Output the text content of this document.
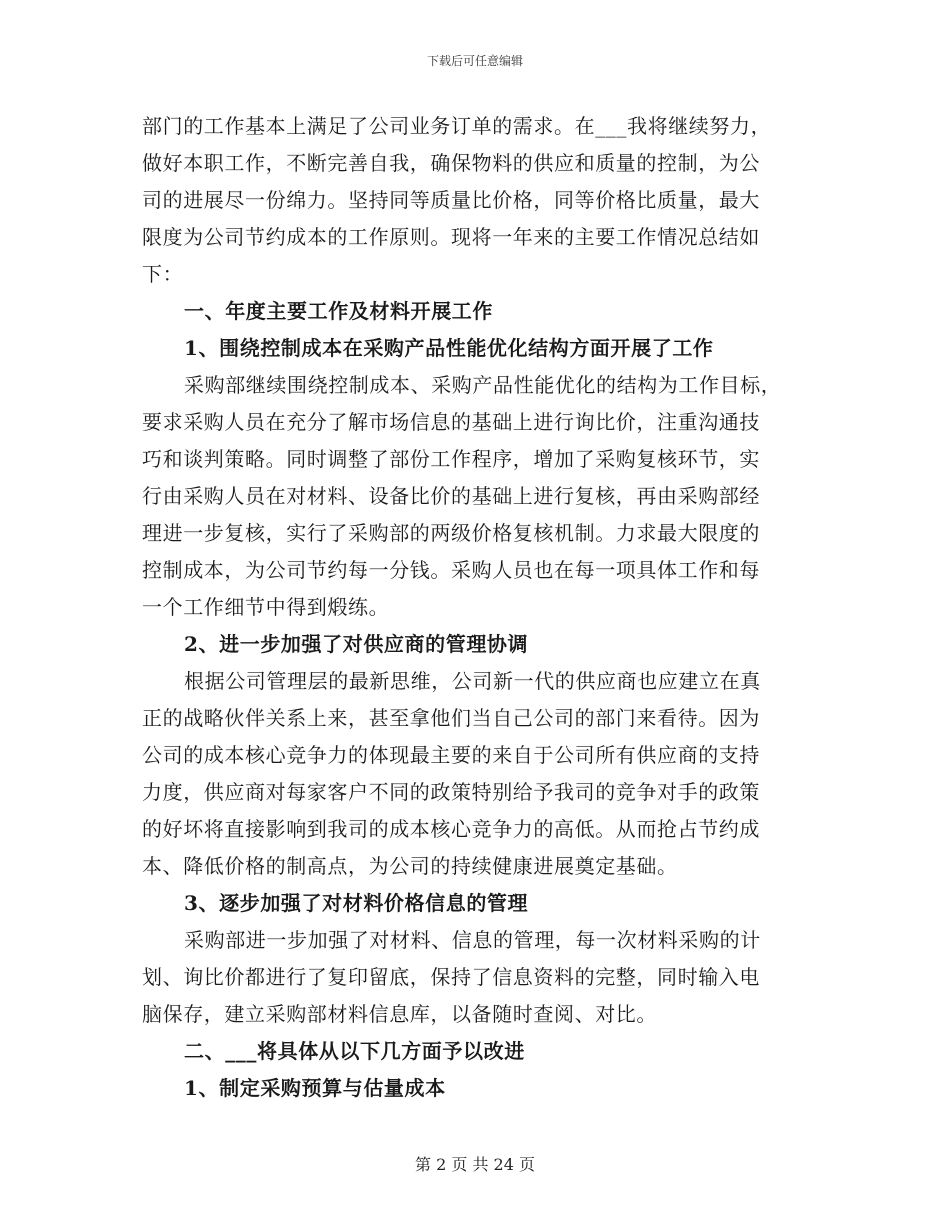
下载后可任意编辑
部门的工作基本上满足了公司业务订单的需求。在___我将继续努力，
做好本职工作，不断完善自我，确保物料的供应和质量的控制，为公
司的进展尽一份绵力。坚持同等质量比价格，同等价格比质量，最大
限度为公司节约成本的工作原则。现将一年来的主要工作情况总结如
下：
一、年度主要工作及材料开展工作
1、围绕控制成本在采购产品性能优化结构方面开展了工作
采购部继续围绕控制成本、采购产品性能优化的结构为工作目标，
要求采购人员在充分了解市场信息的基础上进行询比价，注重沟通技
巧和谈判策略。同时调整了部份工作程序，增加了采购复核环节，实
行由采购人员在对材料、设备比价的基础上进行复核，再由采购部经
理进一步复核，实行了采购部的两级价格复核机制。力求最大限度的
控制成本，为公司节约每一分钱。采购人员也在每一项具体工作和每
一个工作细节中得到煅练。
2、进一步加强了对供应商的管理协调
根据公司管理层的最新思维，公司新一代的供应商也应建立在真
正的战略伙伴关系上来，甚至拿他们当自己公司的部门来看待。因为
公司的成本核心竞争力的体现最主要的来自于公司所有供应商的支持
力度，供应商对每家客户不同的政策特别给予我司的竞争对手的政策
的好坏将直接影响到我司的成本核心竞争力的高低。从而抢占节约成
本、降低价格的制高点，为公司的持续健康进展奠定基础。
3、逐步加强了对材料价格信息的管理
采购部进一步加强了对材料、信息的管理，每一次材料采购的计
划、询比价都进行了复印留底，保持了信息资料的完整，同时输入电
脑保存，建立采购部材料信息库，以备随时查阅、对比。
二、___将具体从以下几方面予以改进
1、制定采购预算与估量成本
第 2 页 共 24 页
